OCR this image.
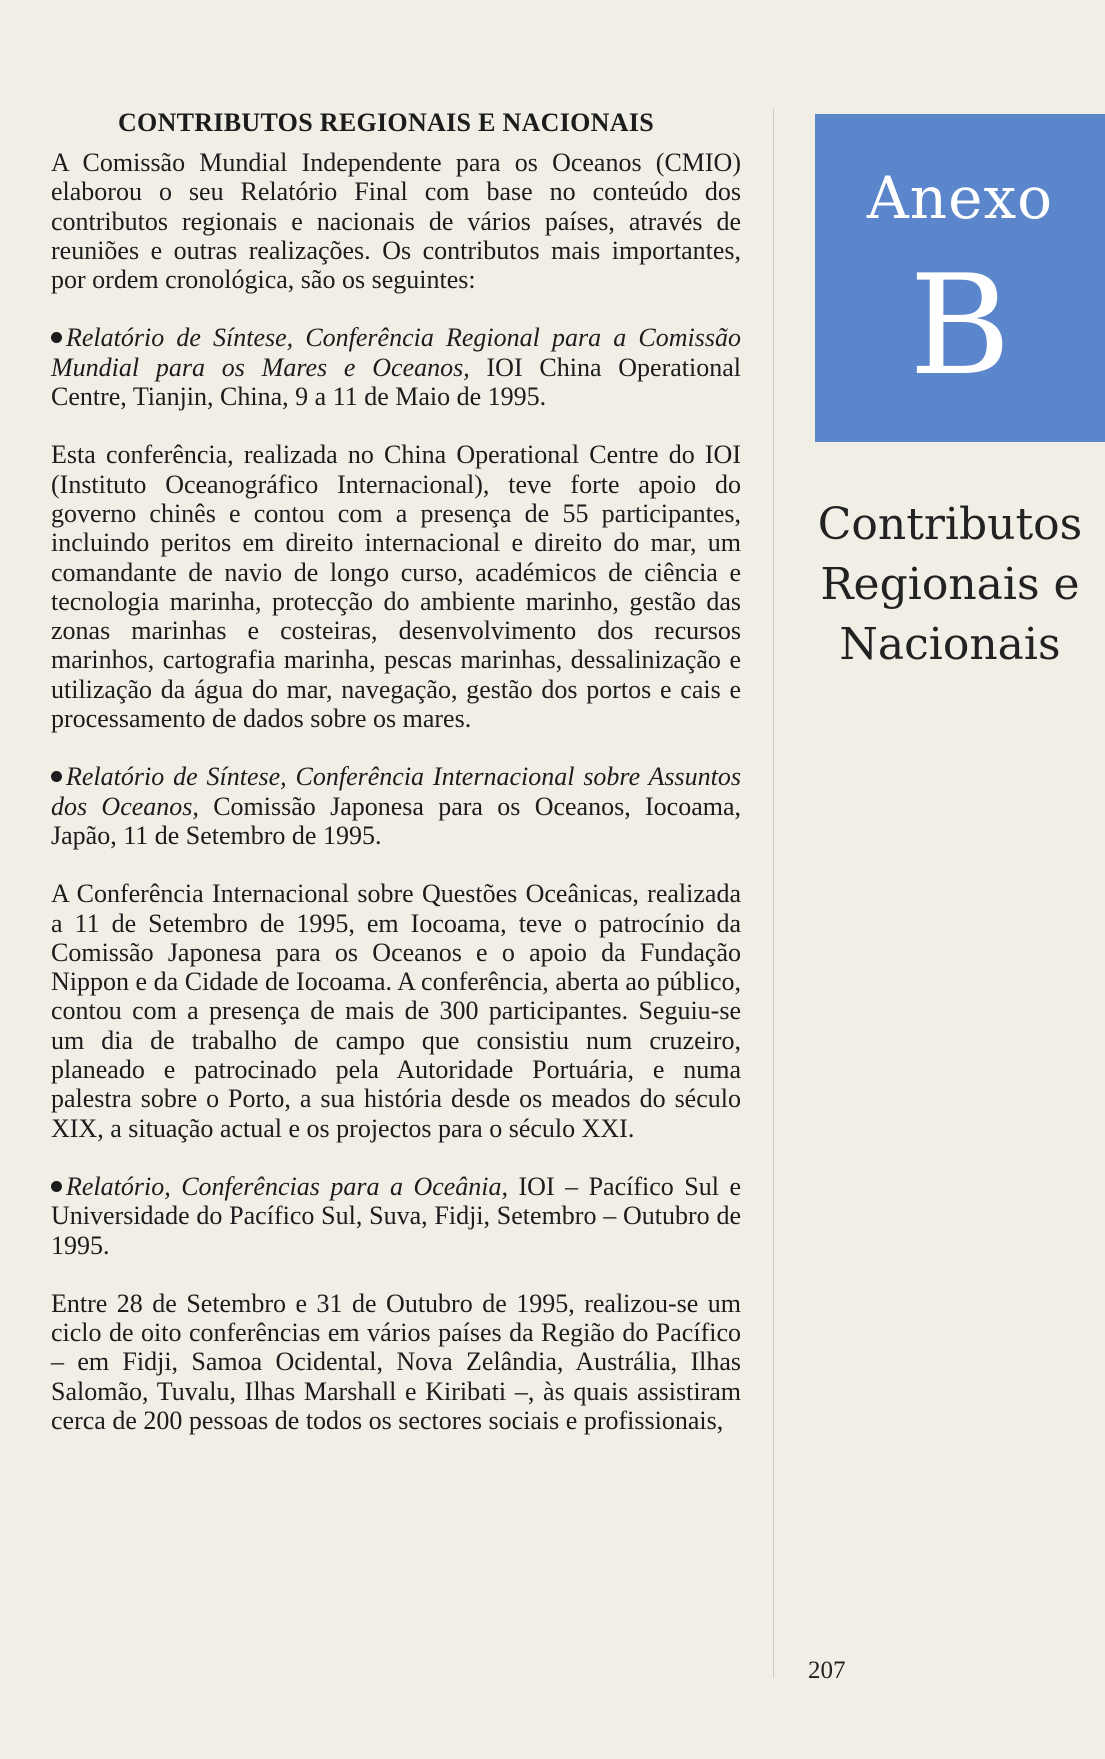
CONTRIBUTOS REGIONAIS E NACIONAIS

A Comissão Mundial Independente para os Oceanos (CMIO) elaborou o seu Relatório Final com base no conteúdo dos contributos regionais e nacionais de vários países, através de reuniões e outras realizações. Os contributos mais importantes, por ordem cronológica, são os seguintes:

Relatório de Síntese, Conferência Regional para a Comissão Mundial para os Mares e Oceanos, IOI China Operational Centre, Tianjin, China, 9 a 11 de Maio de 1995.

Esta conferência, realizada no China Operational Centre do IOI (Instituto Oceanográfico Internacional), teve forte apoio do governo chinês e contou com a presença de 55 participantes, incluindo peritos em direito internacional e direito do mar, um comandante de navio de longo curso, académicos de ciência e tecnologia marinha, protecção do ambiente marinho, gestão das zonas marinhas e costeiras, desenvolvimento dos recursos marinhos, cartografia marinha, pescas marinhas, dessalinização e utilização da água do mar, navegação, gestão dos portos e cais e processamento de dados sobre os mares.

Relatório de Síntese, Conferência Internacional sobre Assuntos dos Oceanos, Comissão Japonesa para os Oceanos, Iocoama, Japão, 11 de Setembro de 1995.

A Conferência Internacional sobre Questões Oceânicas, realizada a 11 de Setembro de 1995, em Iocoama, teve o patrocínio da Comissão Japonesa para os Oceanos e o apoio da Fundação Nippon e da Cidade de Iocoama. A conferência, aberta ao público, contou com a presença de mais de 300 participantes. Seguiu-se um dia de trabalho de campo que consistiu num cruzeiro, planeado e patrocinado pela Autoridade Portuária, e numa palestra sobre o Porto, a sua história desde os meados do século XIX, a situação actual e os projectos para o século XXI.

Relatório, Conferências para a Oceânia, IOI – Pacífico Sul e Universidade do Pacífico Sul, Suva, Fidji, Setembro – Outubro de 1995.

Entre 28 de Setembro e 31 de Outubro de 1995, realizou-se um ciclo de oito conferências em vários países da Região do Pacífico – em Fidji, Samoa Ocidental, Nova Zelândia, Austrália, Ilhas Salomão, Tuvalu, Ilhas Marshall e Kiribati –, às quais assistiram cerca de 200 pessoas de todos os sectores sociais e profissionais,

Anexo
B
Contributos
Regionais e
Nacionais
207
